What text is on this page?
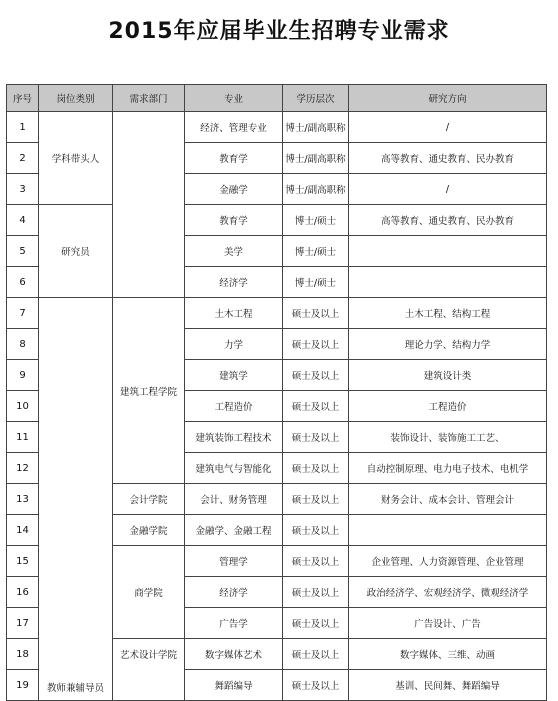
2015年应届毕业生招聘专业需求
序号	岗位类别	需求部门	专业	学历层次	研究方向
1	学科带头人		经济、管理专业	博士/副高职称	/
2			教育学	博士/副高职称	高等教育、通史教育、民办教育
3			金融学	博士/副高职称	/
4	研究员		教育学	博士/硕士	高等教育、通史教育、民办教育
5			美学	博士/硕士	
6			经济学	博士/硕士	
7	教师兼辅导员	建筑工程学院	土木工程	硕士及以上	土木工程、结构工程
8			力学	硕士及以上	理论力学、结构力学
9			建筑学	硕士及以上	建筑设计类
10			工程造价	硕士及以上	工程造价
11			建筑装饰工程技术	硕士及以上	装饰设计、装饰施工工艺、
12			建筑电气与智能化	硕士及以上	自动控制原理、电力电子技术、电机学
13		会计学院	会计、财务管理	硕士及以上	财务会计、成本会计、管理会计
14		金融学院	金融学、金融工程	硕士及以上	
15		商学院	管理学	硕士及以上	企业管理、人力资源管理、企业管理
16			经济学	硕士及以上	政治经济学、宏观经济学、微观经济学
17			广告学	硕士及以上	广告设计、广告
18		艺术设计学院	数字媒体艺术	硕士及以上	数字媒体、三维、动画
19			舞蹈编导	硕士及以上	基训、民间舞、舞蹈编导
